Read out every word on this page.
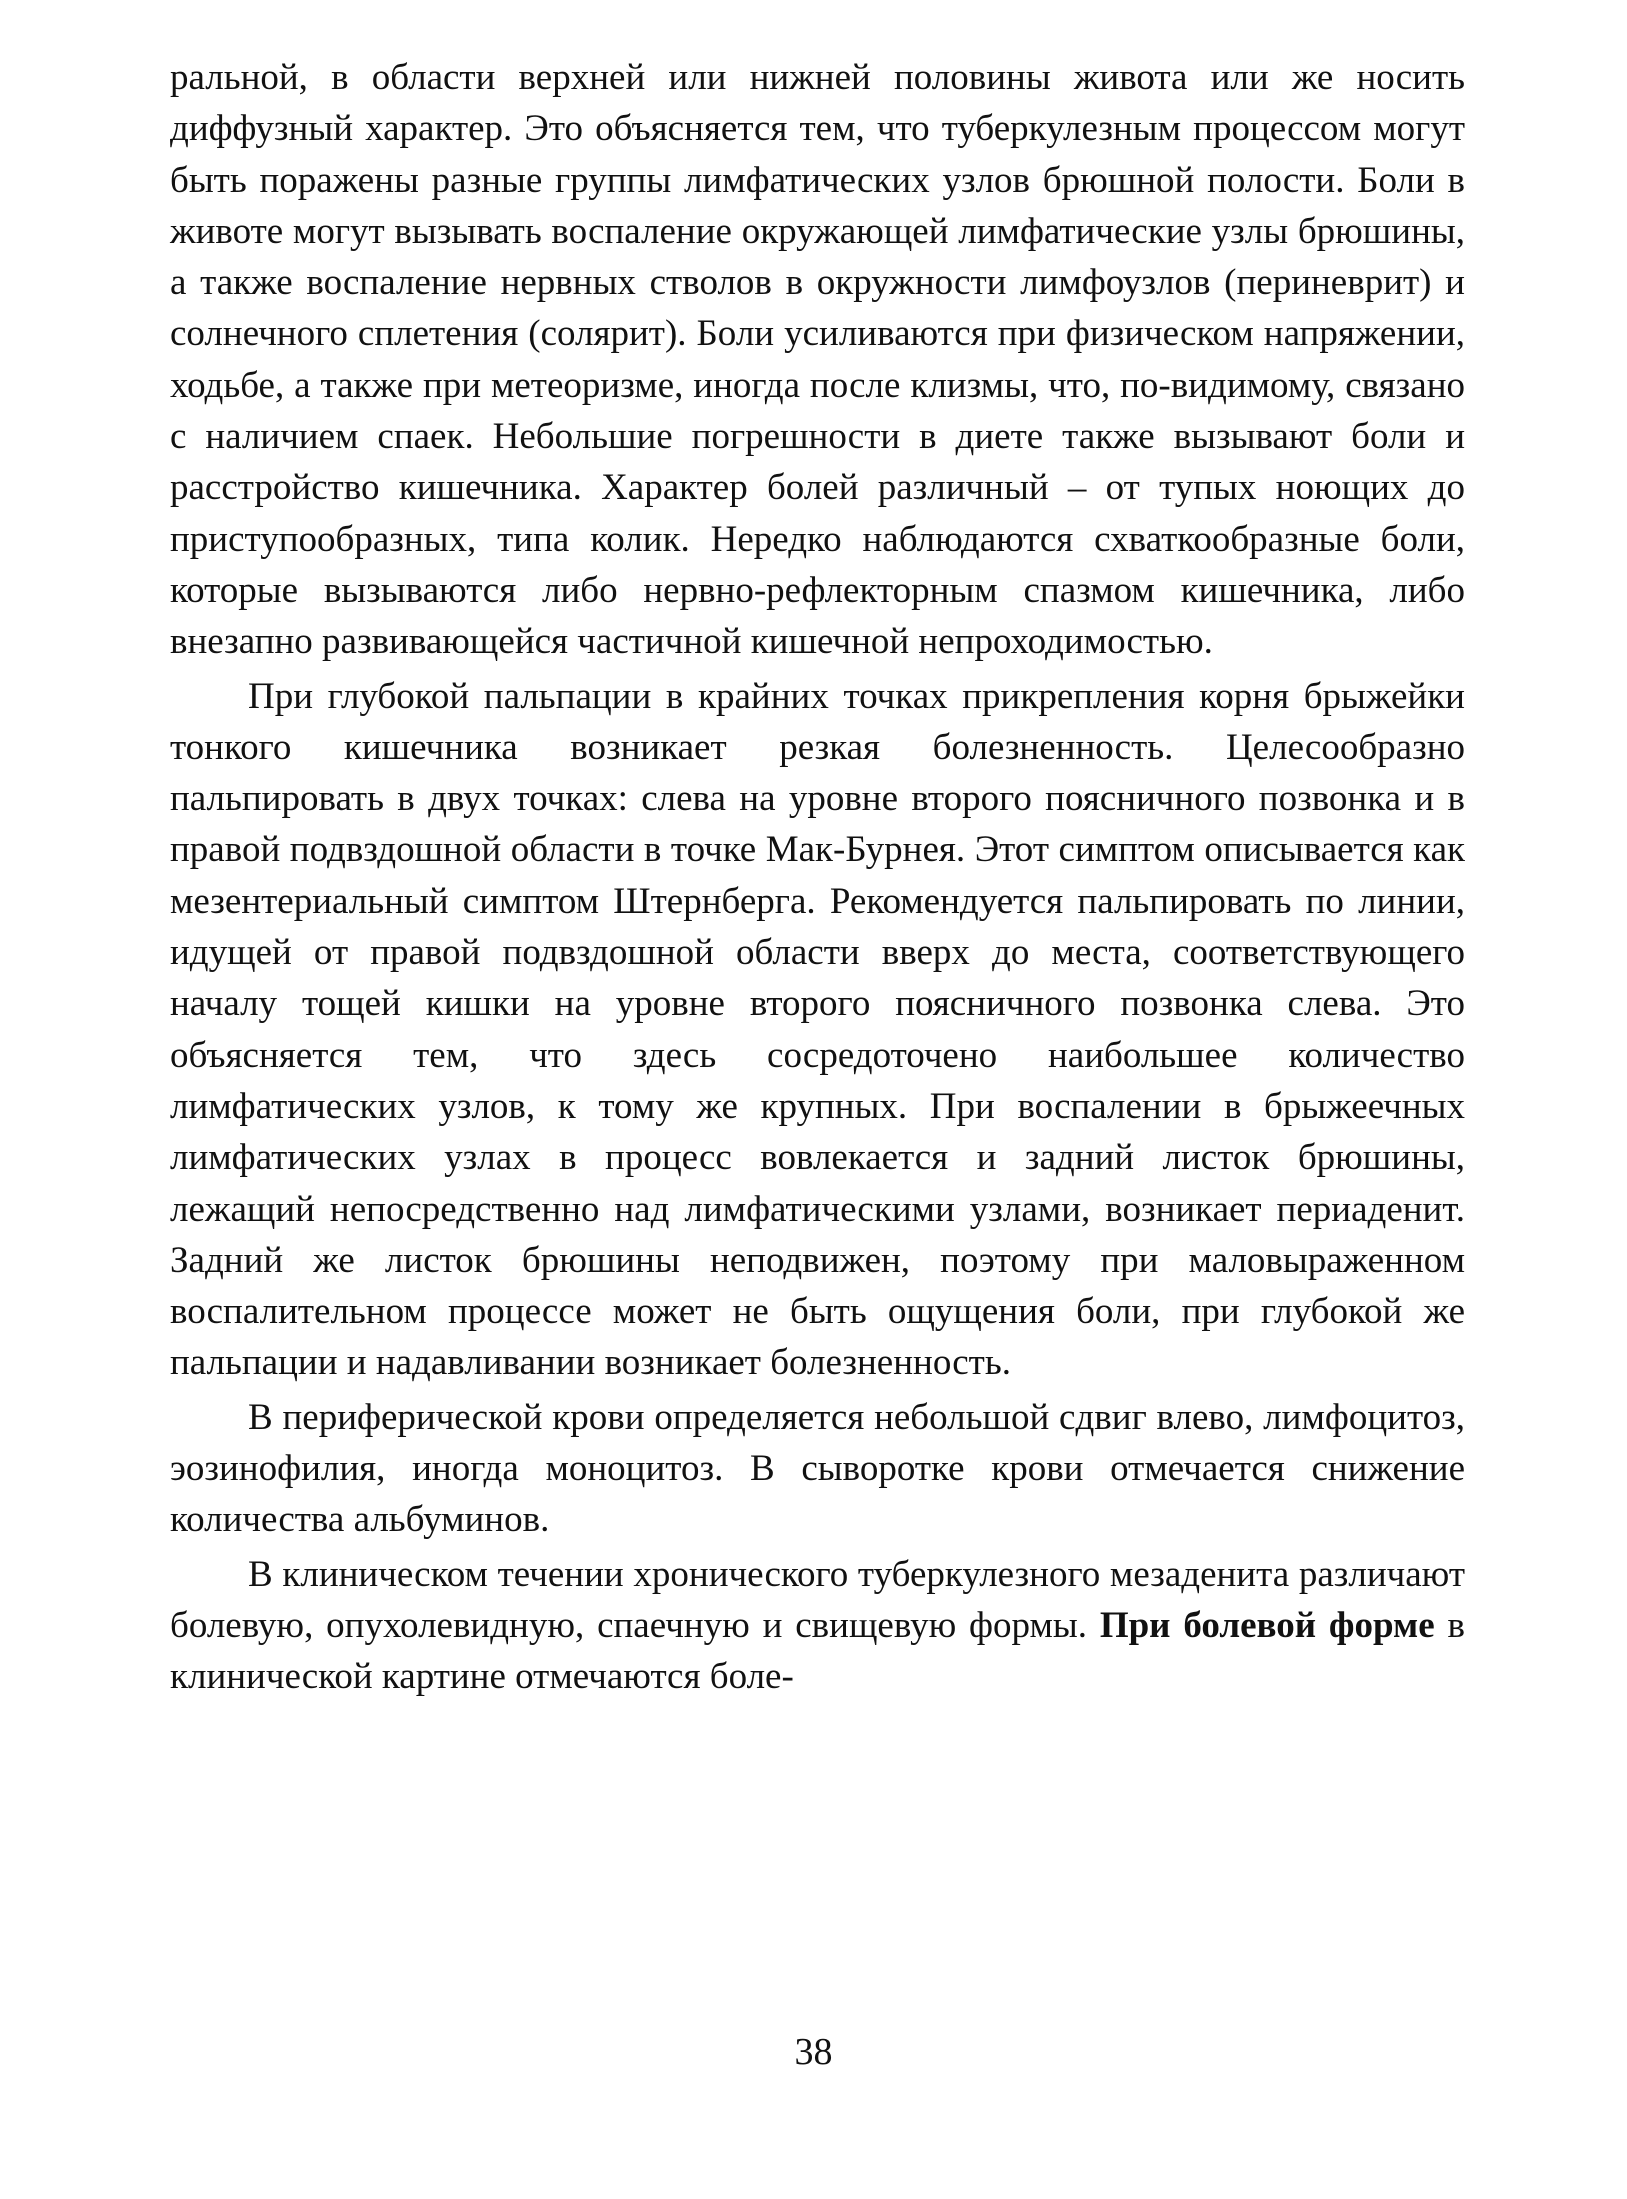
ральной, в области верхней или нижней половины живота или же носить диффузный характер. Это объясняется тем, что туберкулезным процессом могут быть поражены разные группы лимфатических узлов брюшной полости. Боли в животе могут вызывать воспаление окружающей лимфатические узлы брюшины, а также воспаление нервных стволов в окружности лимфоузлов (периневрит) и солнечного сплетения (солярит). Боли усиливаются при физическом напряжении, ходьбе, а также при метеоризме, иногда после клизмы, что, по-видимому, связано с наличием спаек. Небольшие погрешности в диете также вызывают боли и расстройство кишечника. Характер болей различный – от тупых ноющих до приступообразных, типа колик. Нередко наблюдаются схваткообразные боли, которые вызываются либо нервно-рефлекторным спазмом кишечника, либо внезапно развивающейся частичной кишечной непроходимостью.

При глубокой пальпации в крайних точках прикрепления корня брыжейки тонкого кишечника возникает резкая болезненность. Целесообразно пальпировать в двух точках: слева на уровне второго поясничного позвонка и в правой подвздошной области в точке Мак-Бурнея. Этот симптом описывается как мезентериальный симптом Штернберга. Рекомендуется пальпировать по линии, идущей от правой подвздошной области вверх до места, соответствующего началу тощей кишки на уровне второго поясничного позвонка слева. Это объясняется тем, что здесь сосредоточено наибольшее количество лимфатических узлов, к тому же крупных. При воспалении в брыжеечных лимфатических узлах в процесс вовлекается и задний листок брюшины, лежащий непосредственно над лимфатическими узлами, возникает периаденит. Задний же листок брюшины неподвижен, поэтому при маловыраженном воспалительном процессе может не быть ощущения боли, при глубокой же пальпации и надавливании возникает болезненность.

В периферической крови определяется небольшой сдвиг влево, лимфоцитоз, эозинофилия, иногда моноцитоз. В сыворотке крови отмечается снижение количества альбуминов.

В клиническом течении хронического туберкулезного мезаденита различают болевую, опухолевидную, спаечную и свищевую формы. При болевой форме в клинической картине отмечаются боле-

38
